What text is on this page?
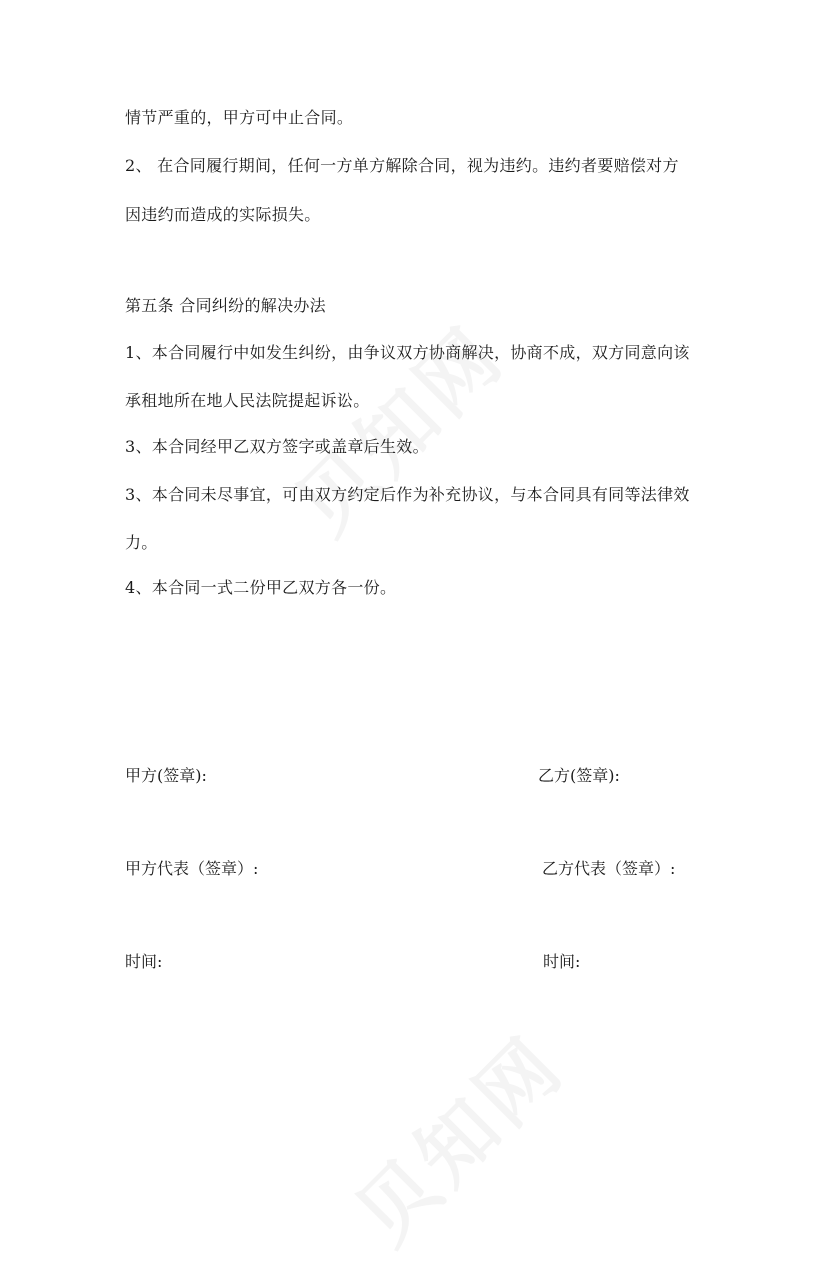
情节严重的，甲方可中止合同。
2、 在合同履行期间，任何一方单方解除合同，视为违约。违约者要赔偿对方
因违约而造成的实际损失。
第五条 合同纠纷的解决办法
1、本合同履行中如发生纠纷，由争议双方协商解决，协商不成，双方同意向该
承租地所在地人民法院提起诉讼。
3、本合同经甲乙双方签字或盖章后生效。
3、本合同未尽事宜，可由双方约定后作为补充协议，与本合同具有同等法律效
力。
4、本合同一式二份甲乙双方各一份。
甲方(签章):	乙方(签章):
甲方代表（签章）:	乙方代表（签章）:
时间:	时间:
